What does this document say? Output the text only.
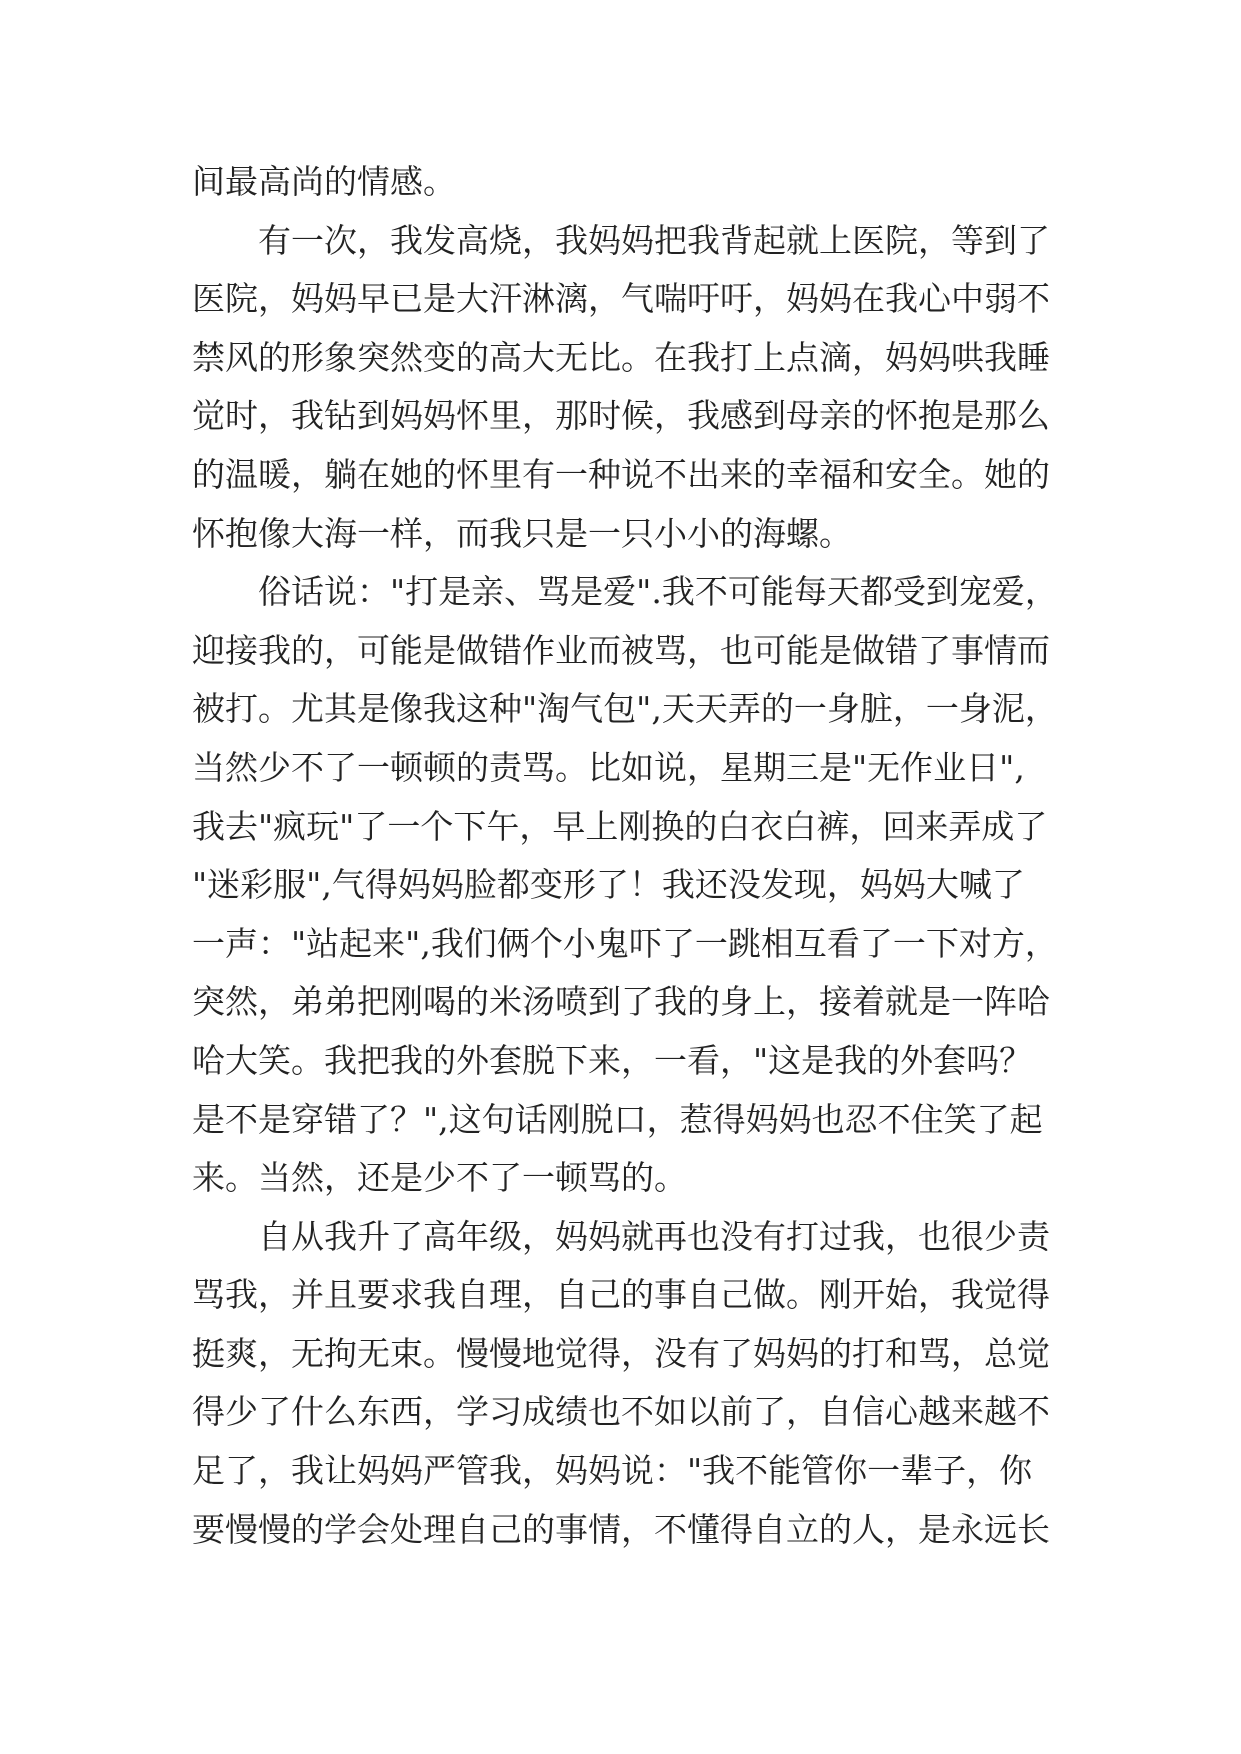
间最高尚的情感。
有一次，我发高烧，我妈妈把我背起就上医院，等到了
医院，妈妈早已是大汗淋漓，气喘吁吁，妈妈在我心中弱不
禁风的形象突然变的高大无比。在我打上点滴，妈妈哄我睡
觉时，我钻到妈妈怀里，那时候，我感到母亲的怀抱是那么
的温暖，躺在她的怀里有一种说不出来的幸福和安全。她的
怀抱像大海一样，而我只是一只小小的海螺。
俗话说："打是亲、骂是爱".我不可能每天都受到宠爱，
迎接我的，可能是做错作业而被骂，也可能是做错了事情而
被打。尤其是像我这种"淘气包",天天弄的一身脏，一身泥，
当然少不了一顿顿的责骂。比如说，星期三是"无作业日",
我去"疯玩"了一个下午，早上刚换的白衣白裤，回来弄成了
"迷彩服",气得妈妈脸都变形了！我还没发现，妈妈大喊了
一声："站起来",我们俩个小鬼吓了一跳相互看了一下对方，
突然，弟弟把刚喝的米汤喷到了我的身上，接着就是一阵哈
哈大笑。我把我的外套脱下来，一看，"这是我的外套吗？
是不是穿错了？",这句话刚脱口，惹得妈妈也忍不住笑了起
来。当然，还是少不了一顿骂的。
自从我升了高年级，妈妈就再也没有打过我，也很少责
骂我，并且要求我自理，自己的事自己做。刚开始，我觉得
挺爽，无拘无束。慢慢地觉得，没有了妈妈的打和骂，总觉
得少了什么东西，学习成绩也不如以前了，自信心越来越不
足了，我让妈妈严管我，妈妈说："我不能管你一辈子，你
要慢慢的学会处理自己的事情，不懂得自立的人，是永远长
